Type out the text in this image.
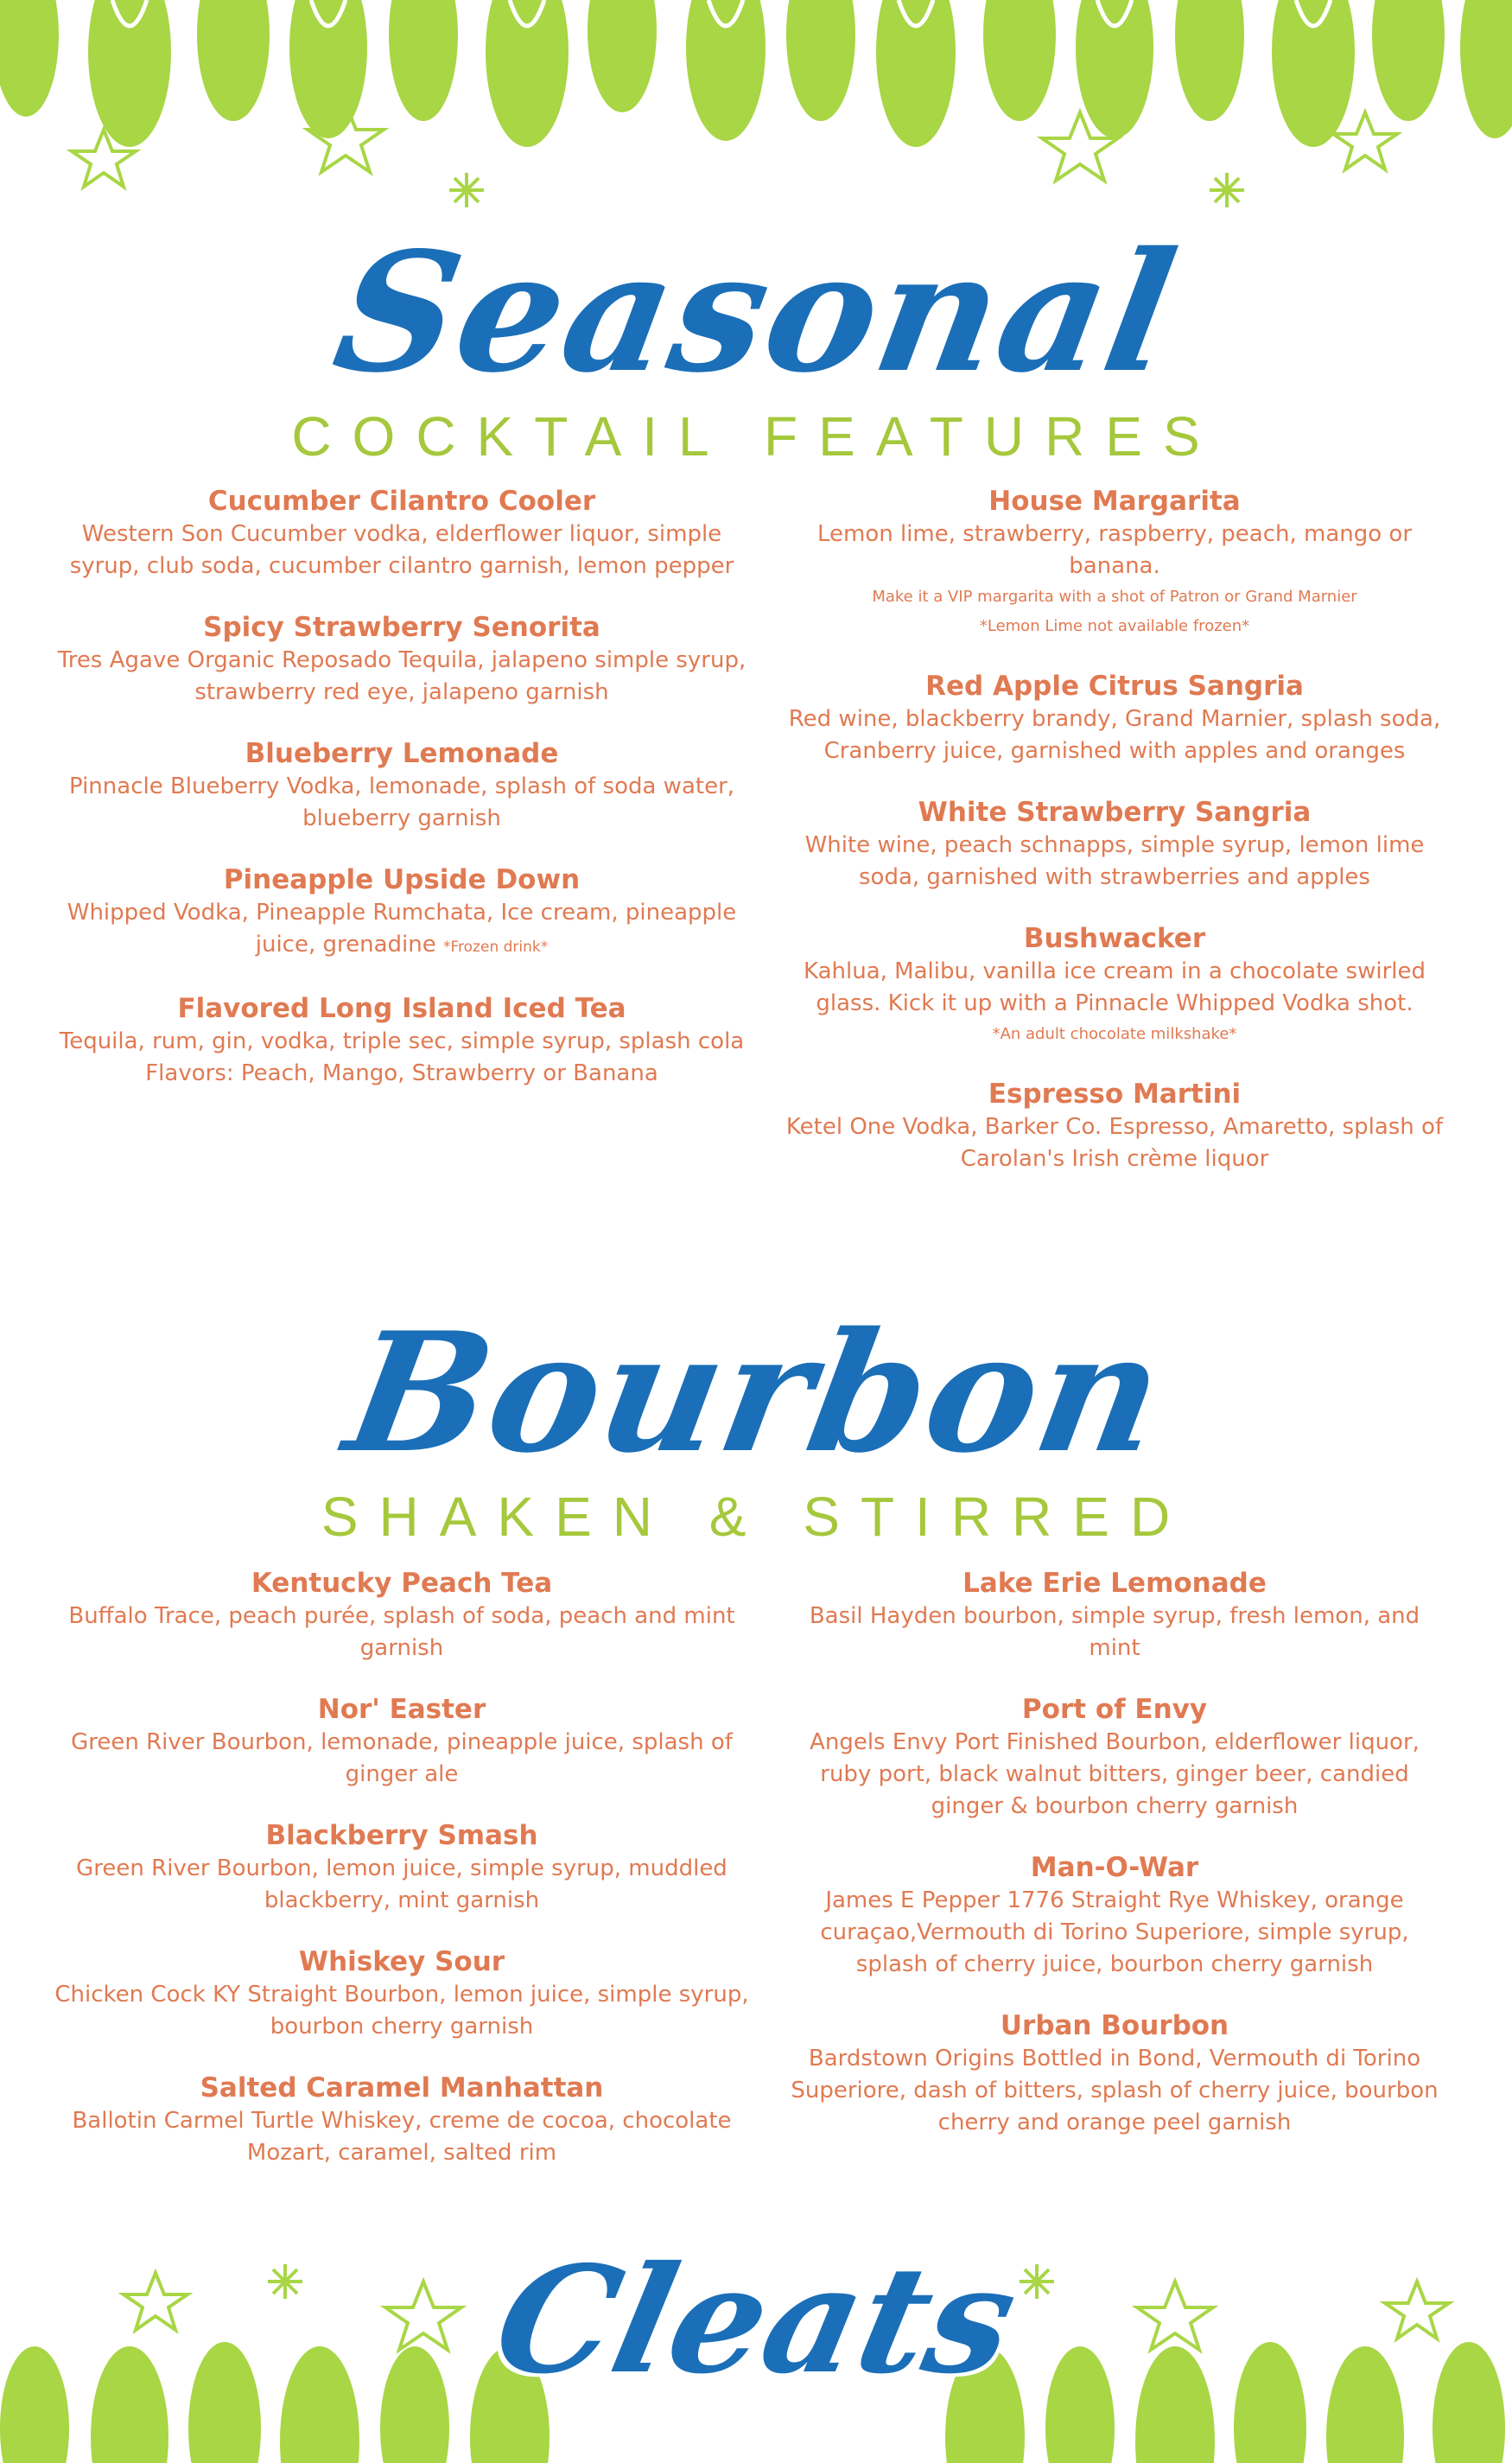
Seasonal
COCKTAIL FEATURES
Cucumber Cilantro Cooler
Western Son Cucumber vodka, elderflower liquor, simple syrup, club soda, cucumber cilantro garnish, lemon pepper
Spicy Strawberry Senorita
Tres Agave Organic Reposado Tequila, jalapeno simple syrup, strawberry red eye, jalapeno garnish
Blueberry Lemonade
Pinnacle Blueberry Vodka, lemonade, splash of soda water, blueberry garnish
Pineapple Upside Down
Whipped Vodka, Pineapple Rumchata, Ice cream, pineapple juice, grenadine *Frozen drink*
Flavored Long Island Iced Tea
Tequila, rum, gin, vodka, triple sec, simple syrup, splash cola
Flavors: Peach, Mango, Strawberry or Banana
House Margarita
Lemon lime, strawberry, raspberry, peach, mango or banana.
Make it a VIP margarita with a shot of Patron or Grand Marnier
*Lemon Lime not available frozen*
Red Apple Citrus Sangria
Red wine, blackberry brandy, Grand Marnier, splash soda, Cranberry juice, garnished with apples and oranges
White Strawberry Sangria
White wine, peach schnapps, simple syrup, lemon lime soda, garnished with strawberries and apples
Bushwacker
Kahlua, Malibu, vanilla ice cream in a chocolate swirled glass. Kick it up with a Pinnacle Whipped Vodka shot.
*An adult chocolate milkshake*
Espresso Martini
Ketel One Vodka, Barker Co. Espresso, Amaretto, splash of Carolan's Irish crème liquor
Bourbon
SHAKEN & STIRRED
Kentucky Peach Tea
Buffalo Trace, peach purée, splash of soda, peach and mint garnish
Nor' Easter
Green River Bourbon, lemonade, pineapple juice, splash of ginger ale
Blackberry Smash
Green River Bourbon, lemon juice, simple syrup, muddled blackberry, mint garnish
Whiskey Sour
Chicken Cock KY Straight Bourbon, lemon juice, simple syrup, bourbon cherry garnish
Salted Caramel Manhattan
Ballotin Carmel Turtle Whiskey, creme de cocoa, chocolate Mozart, caramel, salted rim
Lake Erie Lemonade
Basil Hayden bourbon, simple syrup, fresh lemon, and mint
Port of Envy
Angels Envy Port Finished Bourbon, elderflower liquor, ruby port, black walnut bitters, ginger beer, candied ginger & bourbon cherry garnish
Man-O-War
James E Pepper 1776 Straight Rye Whiskey, orange curaçao,Vermouth di Torino Superiore, simple syrup, splash of cherry juice, bourbon cherry garnish
Urban Bourbon
Bardstown Origins Bottled in Bond, Vermouth di Torino Superiore, dash of bitters, splash of cherry juice, bourbon cherry and orange peel garnish
Cleats
